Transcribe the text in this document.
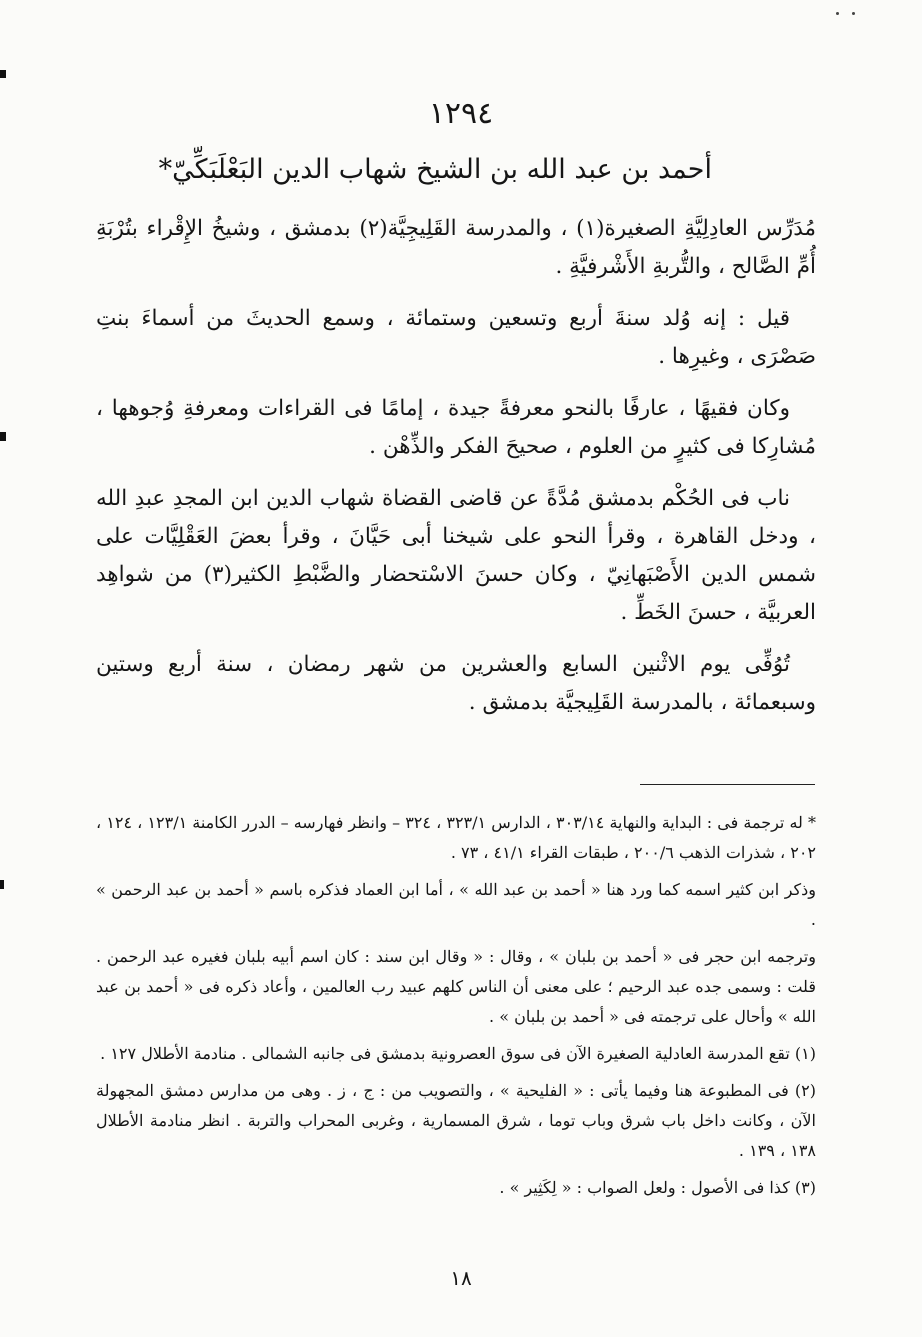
١٢٩٤
أحمد بن عبد الله بن الشيخ شهاب الدين البَعْلَبَكِّيّ*

مُدَرِّس العادِلِيَّةِ الصغيرة(١) ، والمدرسة القَلِيجِيَّة(٢) بدمشق ، وشيخُ الإِقْراء بتُرْبَةِ أُمِّ الصَّالح ، والتُّربةِ الأَشْرفيَّةِ .

قيل : إنه وُلد سنةَ أربع وتسعين وستمائة ، وسمع الحديثَ من أسماءَ بنتِ صَصْرَى ، وغيرِها .

وكان فقيهًا ، عارفًا بالنحو معرفةً جيدة ، إمامًا فى القراءات ومعرفةِ وُجوهها ، مُشارِكا فى كثيرٍ من العلوم ، صحيحَ الفكر والذِّهْن .

ناب فى الحُكْم بدمشق مُدَّةً عن قاضى القضاة شهاب الدين ابن المجدِ عبدِ الله ، ودخل القاهرة ، وقرأ النحو على شيخنا أبى حَيَّانَ ، وقرأ بعضَ العَقْلِيَّات على شمس الدين الأَصْبَهانِيّ ، وكان حسنَ الاسْتحضار والضَّبْطِ الكثير(٣) من شواهِد العربيَّة ، حسنَ الخَطِّ .

تُوُفِّى يوم الاثْنين السابع والعشرين من شهر رمضان ، سنة أربع وستين وسبعمائة ، بالمدرسة القَلِيجيَّة بدمشق .

* له ترجمة فى : البداية والنهاية ٣٠٣/١٤ ، الدارس ٣٢٣/١ ، ٣٢٤ – وانظر فهارسه – الدرر الكامنة ١٢٣/١ ، ١٢٤ ، ٢٠٢ ، شذرات الذهب ٢٠٠/٦ ، طبقات القراء ٤١/١ ، ٧٣ .

وذكر ابن كثير اسمه كما ورد هنا « أحمد بن عبد الله » ، أما ابن العماد فذكره باسم « أحمد بن عبد الرحمن » .

وترجمه ابن حجر فى « أحمد بن بلبان » ، وقال : « وقال ابن سند : كان اسم أبيه بلبان فغيره عبد الرحمن . قلت : وسمى جده عبد الرحيم ؛ على معنى أن الناس كلهم عبيد رب العالمين ، وأعاد ذكره فى « أحمد بن عبد الله » وأحال على ترجمته فى « أحمد بن بلبان » .

(١) تقع المدرسة العادلية الصغيرة الآن فى سوق العصرونية بدمشق فى جانبه الشمالى . منادمة الأطلال ١٢٧ .

(٢) فى المطبوعة هنا وفيما يأتى : « الفليحية » ، والتصويب من : ج ، ز . وهى من مدارس دمشق المجهولة الآن ، وكانت داخل باب شرق وباب توما ، شرق المسمارية ، وغربى المحراب والتربة . انظر منادمة الأطلال ١٣٨ ، ١٣٩ .

(٣) كذا فى الأصول : ولعل الصواب : « لِكَثِير » .

١٨
